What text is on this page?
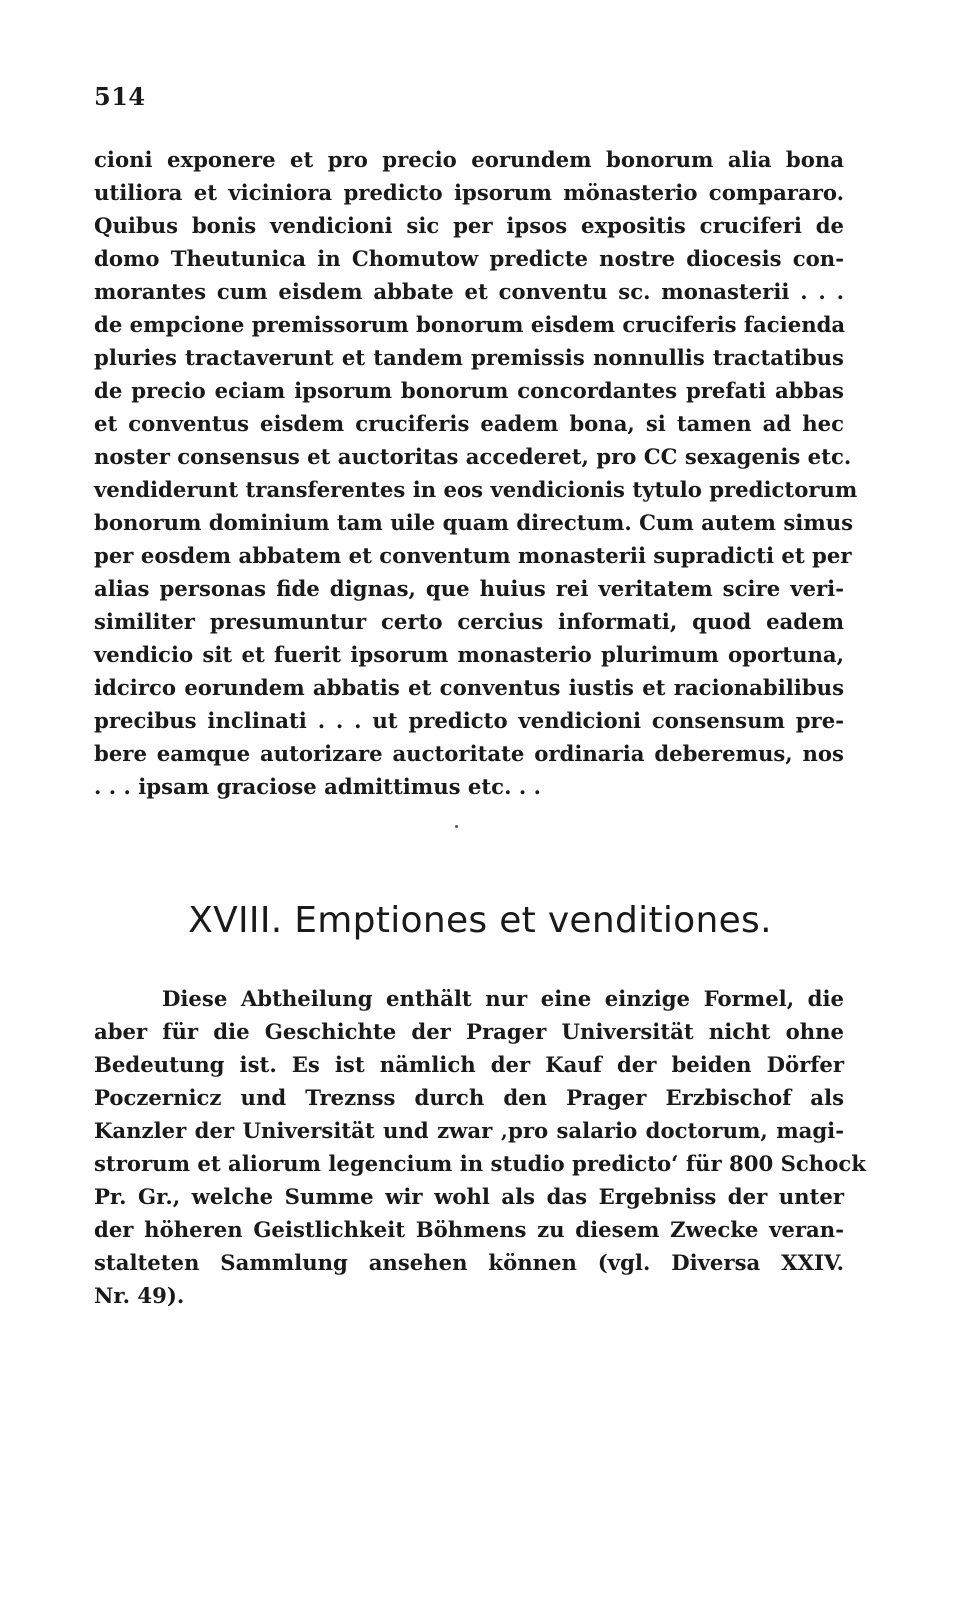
514
cioni exponere et pro precio eorundem bonorum alia bona
utiliora et viciniora predicto ipsorum mönasterio compararo.
Quibus bonis vendicioni sic per ipsos expositis cruciferi de
domo Theutunica in Chomutow predicte nostre diocesis con-
morantes cum eisdem abbate et conventu sc. monasterii . . .
de empcione premissorum bonorum eisdem cruciferis facienda
pluries tractaverunt et tandem premissis nonnullis tractatibus
de precio eciam ipsorum bonorum concordantes prefati abbas
et conventus eisdem cruciferis eadem bona, si tamen ad hec
noster consensus et auctoritas accederet, pro CC sexagenis etc.
vendiderunt transferentes in eos vendicionis tytulo predictorum
bonorum dominium tam uile quam directum. Cum autem simus
per eosdem abbatem et conventum monasterii supradicti et per
alias personas fide dignas, que huius rei veritatem scire veri-
similiter presumuntur certo cercius informati, quod eadem
vendicio sit et fuerit ipsorum monasterio plurimum oportuna,
idcirco eorundem abbatis et conventus iustis et racionabilibus
precibus inclinati . . . ut predicto vendicioni consensum pre-
bere eamque autorizare auctoritate ordinaria deberemus, nos
. . . ipsam graciose admittimus etc. . .
XVIII. Emptiones et venditiones.
Diese Abtheilung enthält nur eine einzige Formel, die
aber für die Geschichte der Prager Universität nicht ohne
Bedeutung ist. Es ist nämlich der Kauf der beiden Dörfer
Poczernicz und Treznss durch den Prager Erzbischof als
Kanzler der Universität und zwar ‚pro salario doctorum, magi-
strorum et aliorum legencium in studio predicto‘ für 800 Schock
Pr. Gr., welche Summe wir wohl als das Ergebniss der unter
der höheren Geistlichkeit Böhmens zu diesem Zwecke veran-
stalteten Sammlung ansehen können (vgl. Diversa XXIV.
Nr. 49).
